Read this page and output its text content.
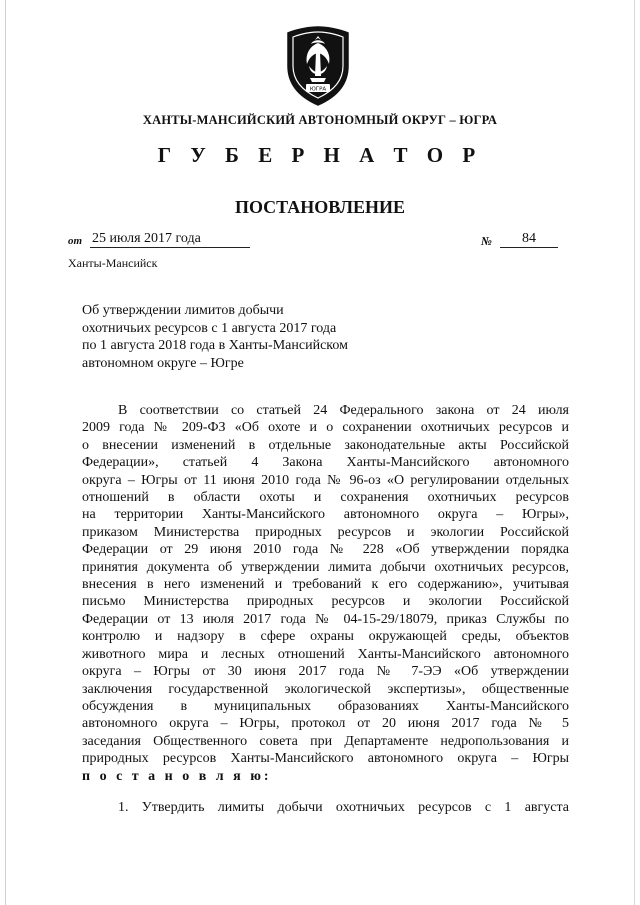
ЮГРА
ХАНТЫ-МАНСИЙСКИЙ АВТОНОМНЫЙ ОКРУГ – ЮГРА
Г У Б Е Р Н А Т О Р
ПОСТАНОВЛЕНИЕ
от 25 июля 2017 года	№	84
Ханты-Мансийск
Об утверждении лимитов добычи
охотничьих ресурсов с 1 августа 2017 года
по 1 августа 2018 года в Ханты-Мансийском
автономном округе – Югре
В соответствии со статьей 24 Федерального закона от 24 июля
2009 года № 209-ФЗ «Об охоте и о сохранении охотничьих ресурсов и
о внесении изменений в отдельные законодательные акты Российской
Федерации», статьей 4 Закона Ханты-Мансийского автономного
округа – Югры от 11 июня 2010 года № 96-оз «О регулировании отдельных
отношений в области охоты и сохранения охотничьих ресурсов
на территории Ханты-Мансийского автономного округа – Югры»,
приказом Министерства природных ресурсов и экологии Российской
Федерации от 29 июня 2010 года № 228 «Об утверждении порядка
принятия документа об утверждении лимита добычи охотничьих ресурсов,
внесения в него изменений и требований к его содержанию», учитывая
письмо Министерства природных ресурсов и экологии Российской
Федерации от 13 июля 2017 года № 04-15-29/18079, приказ Службы по
контролю и надзору в сфере охраны окружающей среды, объектов
животного мира и лесных отношений Ханты-Мансийского автономного
округа – Югры от 30 июня 2017 года № 7-ЭЭ «Об утверждении
заключения государственной экологической экспертизы», общественные
обсуждения в муниципальных образованиях Ханты-Мансийского
автономного округа – Югры, протокол от 20 июня 2017 года № 5
заседания Общественного совета при Департаменте недропользования и
природных ресурсов Ханты-Мансийского автономного округа – Югры
п о с т а н о в л я ю:
1. Утвердить лимиты добычи охотничьих ресурсов с 1 августа
